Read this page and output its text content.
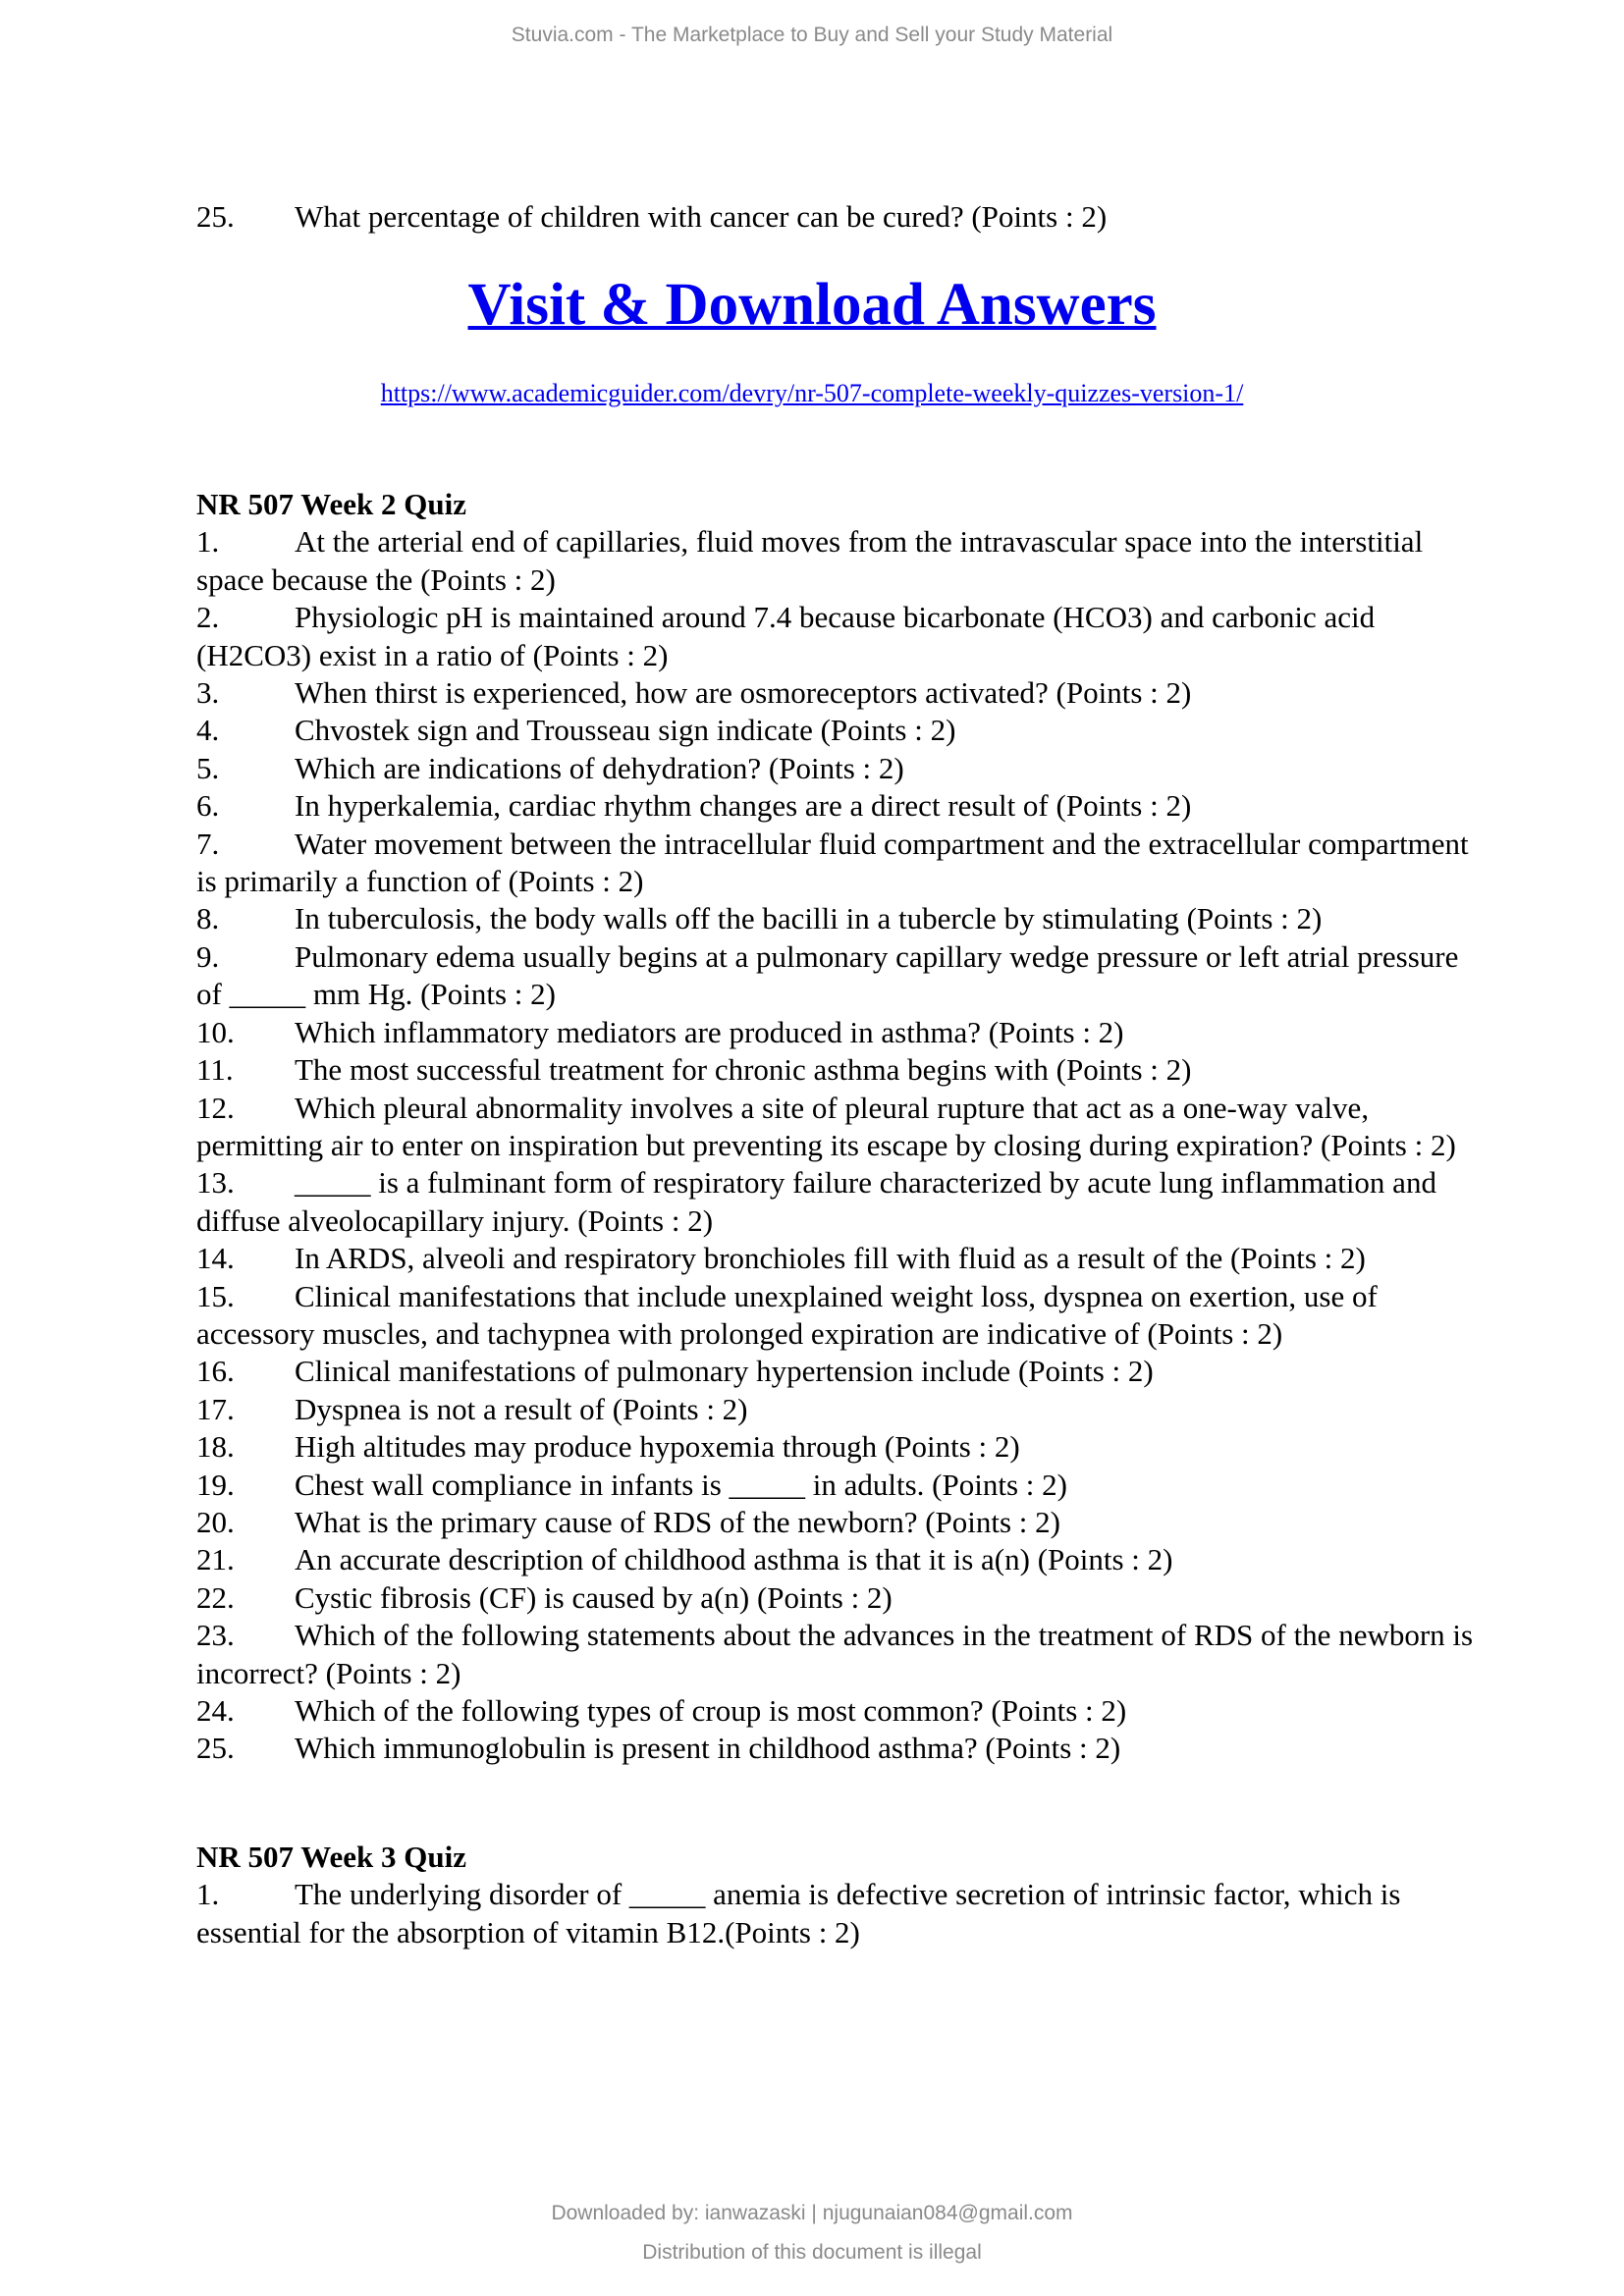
Stuvia.com - The Marketplace to Buy and Sell your Study Material
25. What percentage of children with cancer can be cured? (Points : 2)
Visit & Download Answers
https://www.academicguider.com/devry/nr-507-complete-weekly-quizzes-version-1/
NR 507 Week 2 Quiz
1. At the arterial end of capillaries, fluid moves from the intravascular space into the interstitial space because the (Points : 2)
2. Physiologic pH is maintained around 7.4 because bicarbonate (HCO3) and carbonic acid (H2CO3) exist in a ratio of (Points : 2)
3. When thirst is experienced, how are osmoreceptors activated? (Points : 2)
4. Chvostek sign and Trousseau sign indicate (Points : 2)
5. Which are indications of dehydration? (Points : 2)
6. In hyperkalemia, cardiac rhythm changes are a direct result of (Points : 2)
7. Water movement between the intracellular fluid compartment and the extracellular compartment is primarily a function of (Points : 2)
8. In tuberculosis, the body walls off the bacilli in a tubercle by stimulating (Points : 2)
9. Pulmonary edema usually begins at a pulmonary capillary wedge pressure or left atrial pressure of _____ mm Hg. (Points : 2)
10. Which inflammatory mediators are produced in asthma? (Points : 2)
11. The most successful treatment for chronic asthma begins with (Points : 2)
12. Which pleural abnormality involves a site of pleural rupture that act as a one-way valve, permitting air to enter on inspiration but preventing its escape by closing during expiration? (Points : 2)
13. _____ is a fulminant form of respiratory failure characterized by acute lung inflammation and diffuse alveolocapillary injury. (Points : 2)
14. In ARDS, alveoli and respiratory bronchioles fill with fluid as a result of the (Points : 2)
15. Clinical manifestations that include unexplained weight loss, dyspnea on exertion, use of accessory muscles, and tachypnea with prolonged expiration are indicative of (Points : 2)
16. Clinical manifestations of pulmonary hypertension include (Points : 2)
17. Dyspnea is not a result of (Points : 2)
18. High altitudes may produce hypoxemia through (Points : 2)
19. Chest wall compliance in infants is _____ in adults. (Points : 2)
20. What is the primary cause of RDS of the newborn? (Points : 2)
21. An accurate description of childhood asthma is that it is a(n) (Points : 2)
22. Cystic fibrosis (CF) is caused by a(n) (Points : 2)
23. Which of the following statements about the advances in the treatment of RDS of the newborn is incorrect? (Points : 2)
24. Which of the following types of croup is most common? (Points : 2)
25. Which immunoglobulin is present in childhood asthma? (Points : 2)
NR 507 Week 3 Quiz
1. The underlying disorder of _____ anemia is defective secretion of intrinsic factor, which is essential for the absorption of vitamin B12.(Points : 2)
Downloaded by: ianwazaski | njugunaian084@gmail.com
Distribution of this document is illegal
